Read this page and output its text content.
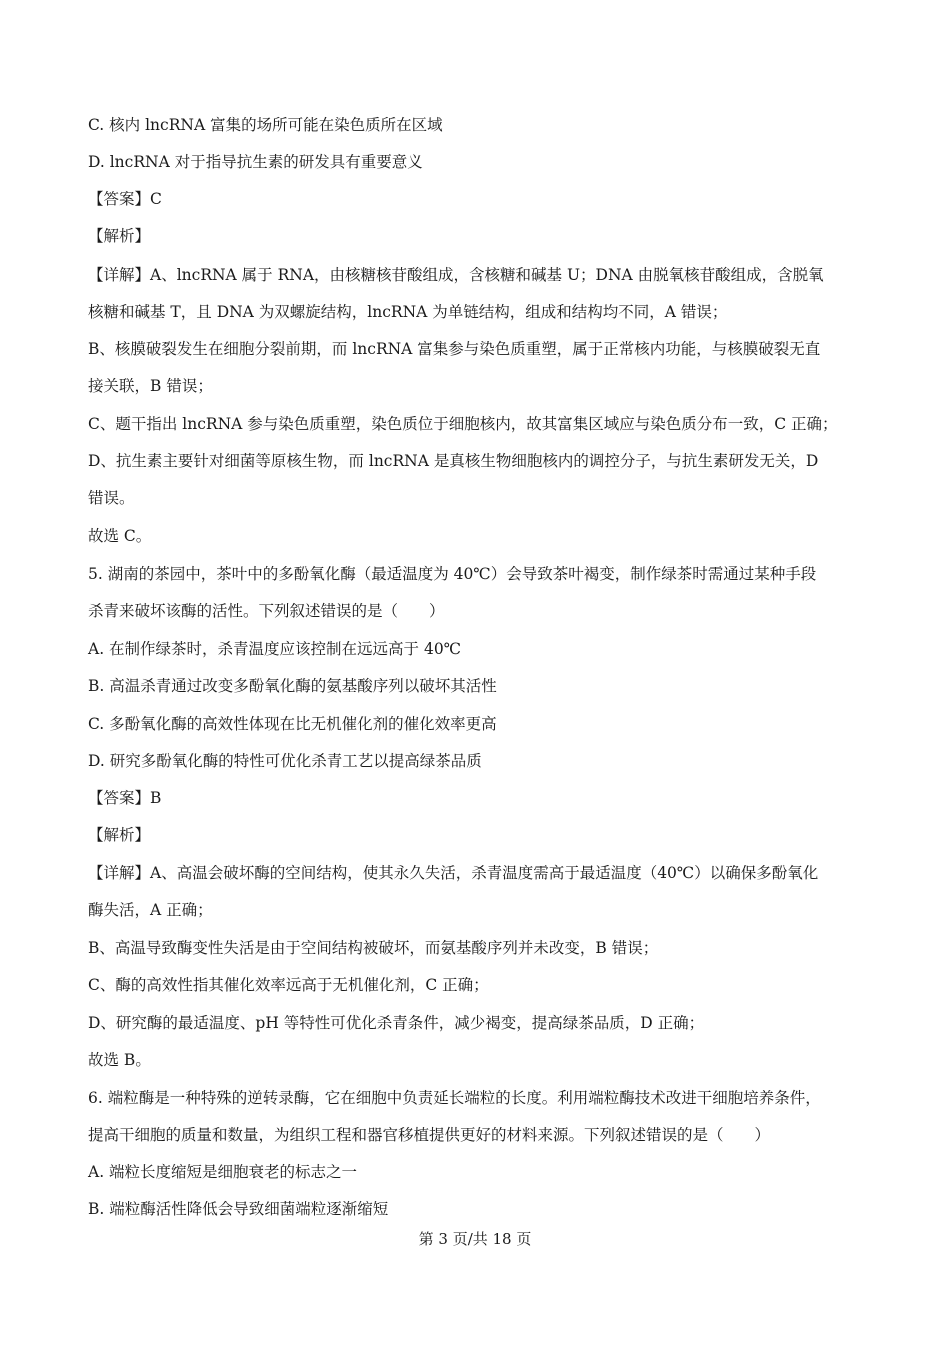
C. 核内 lncRNA 富集的场所可能在染色质所在区域
D. lncRNA 对于指导抗生素的研发具有重要意义
【答案】C
【解析】
【详解】A、lncRNA 属于 RNA，由核糖核苷酸组成，含核糖和碱基 U；DNA 由脱氧核苷酸组成，含脱氧
核糖和碱基 T，且 DNA 为双螺旋结构，lncRNA 为单链结构，组成和结构均不同，A 错误；
B、核膜破裂发生在细胞分裂前期，而 lncRNA 富集参与染色质重塑，属于正常核内功能，与核膜破裂无直
接关联，B 错误；
C、题干指出 lncRNA 参与染色质重塑，染色质位于细胞核内，故其富集区域应与染色质分布一致，C 正确；
D、抗生素主要针对细菌等原核生物，而 lncRNA 是真核生物细胞核内的调控分子，与抗生素研发无关，D
错误。
故选 C。
5. 湖南的茶园中，茶叶中的多酚氧化酶（最适温度为 40℃）会导致茶叶褐变，制作绿茶时需通过某种手段
杀青来破坏该酶的活性。下列叙述错误的是（　　）
A. 在制作绿茶时，杀青温度应该控制在远远高于 40℃
B. 高温杀青通过改变多酚氧化酶的氨基酸序列以破坏其活性
C. 多酚氧化酶的高效性体现在比无机催化剂的催化效率更高
D. 研究多酚氧化酶的特性可优化杀青工艺以提高绿茶品质
【答案】B
【解析】
【详解】A、高温会破坏酶的空间结构，使其永久失活，杀青温度需高于最适温度（40℃）以确保多酚氧化
酶失活，A 正确；
B、高温导致酶变性失活是由于空间结构被破坏，而氨基酸序列并未改变，B 错误；
C、酶的高效性指其催化效率远高于无机催化剂，C 正确；
D、研究酶的最适温度、pH 等特性可优化杀青条件，减少褐变，提高绿茶品质，D 正确；
故选 B。
6. 端粒酶是一种特殊的逆转录酶，它在细胞中负责延长端粒的长度。利用端粒酶技术改进干细胞培养条件，
提高干细胞的质量和数量，为组织工程和器官移植提供更好的材料来源。下列叙述错误的是（　　）
A. 端粒长度缩短是细胞衰老的标志之一
B. 端粒酶活性降低会导致细菌端粒逐渐缩短
第 3 页/共 18 页
